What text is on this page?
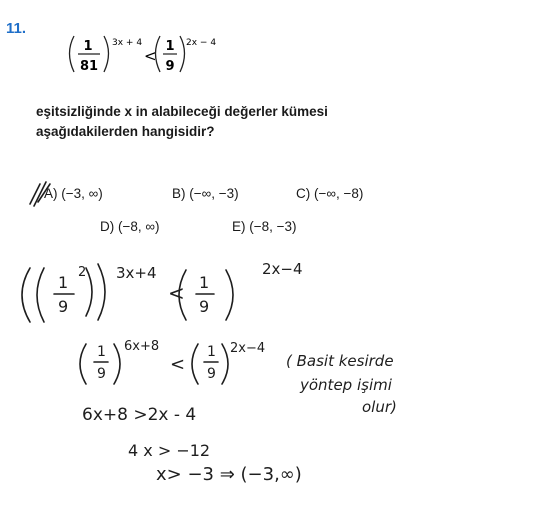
11.
1
81
3x + 4
<
1
9
2x − 4
eşitsizliğinde x in alabileceği değerler kümesi
aşağıdakilerden hangisidir?
A) (−3, ∞)	B) (−∞, −3)	C) (−∞, −8)
D) (−8, ∞)	E) (−8, −3)
1
9
2 3x+4
< 1
9
2x−4
1
9
6x+8
<
1
9
2x−4
( Basit kesirde
yöntep işimi
olur)
6x+8 >2x - 4
4 x > −12
x> −3 ⇒ (−3,∞)
